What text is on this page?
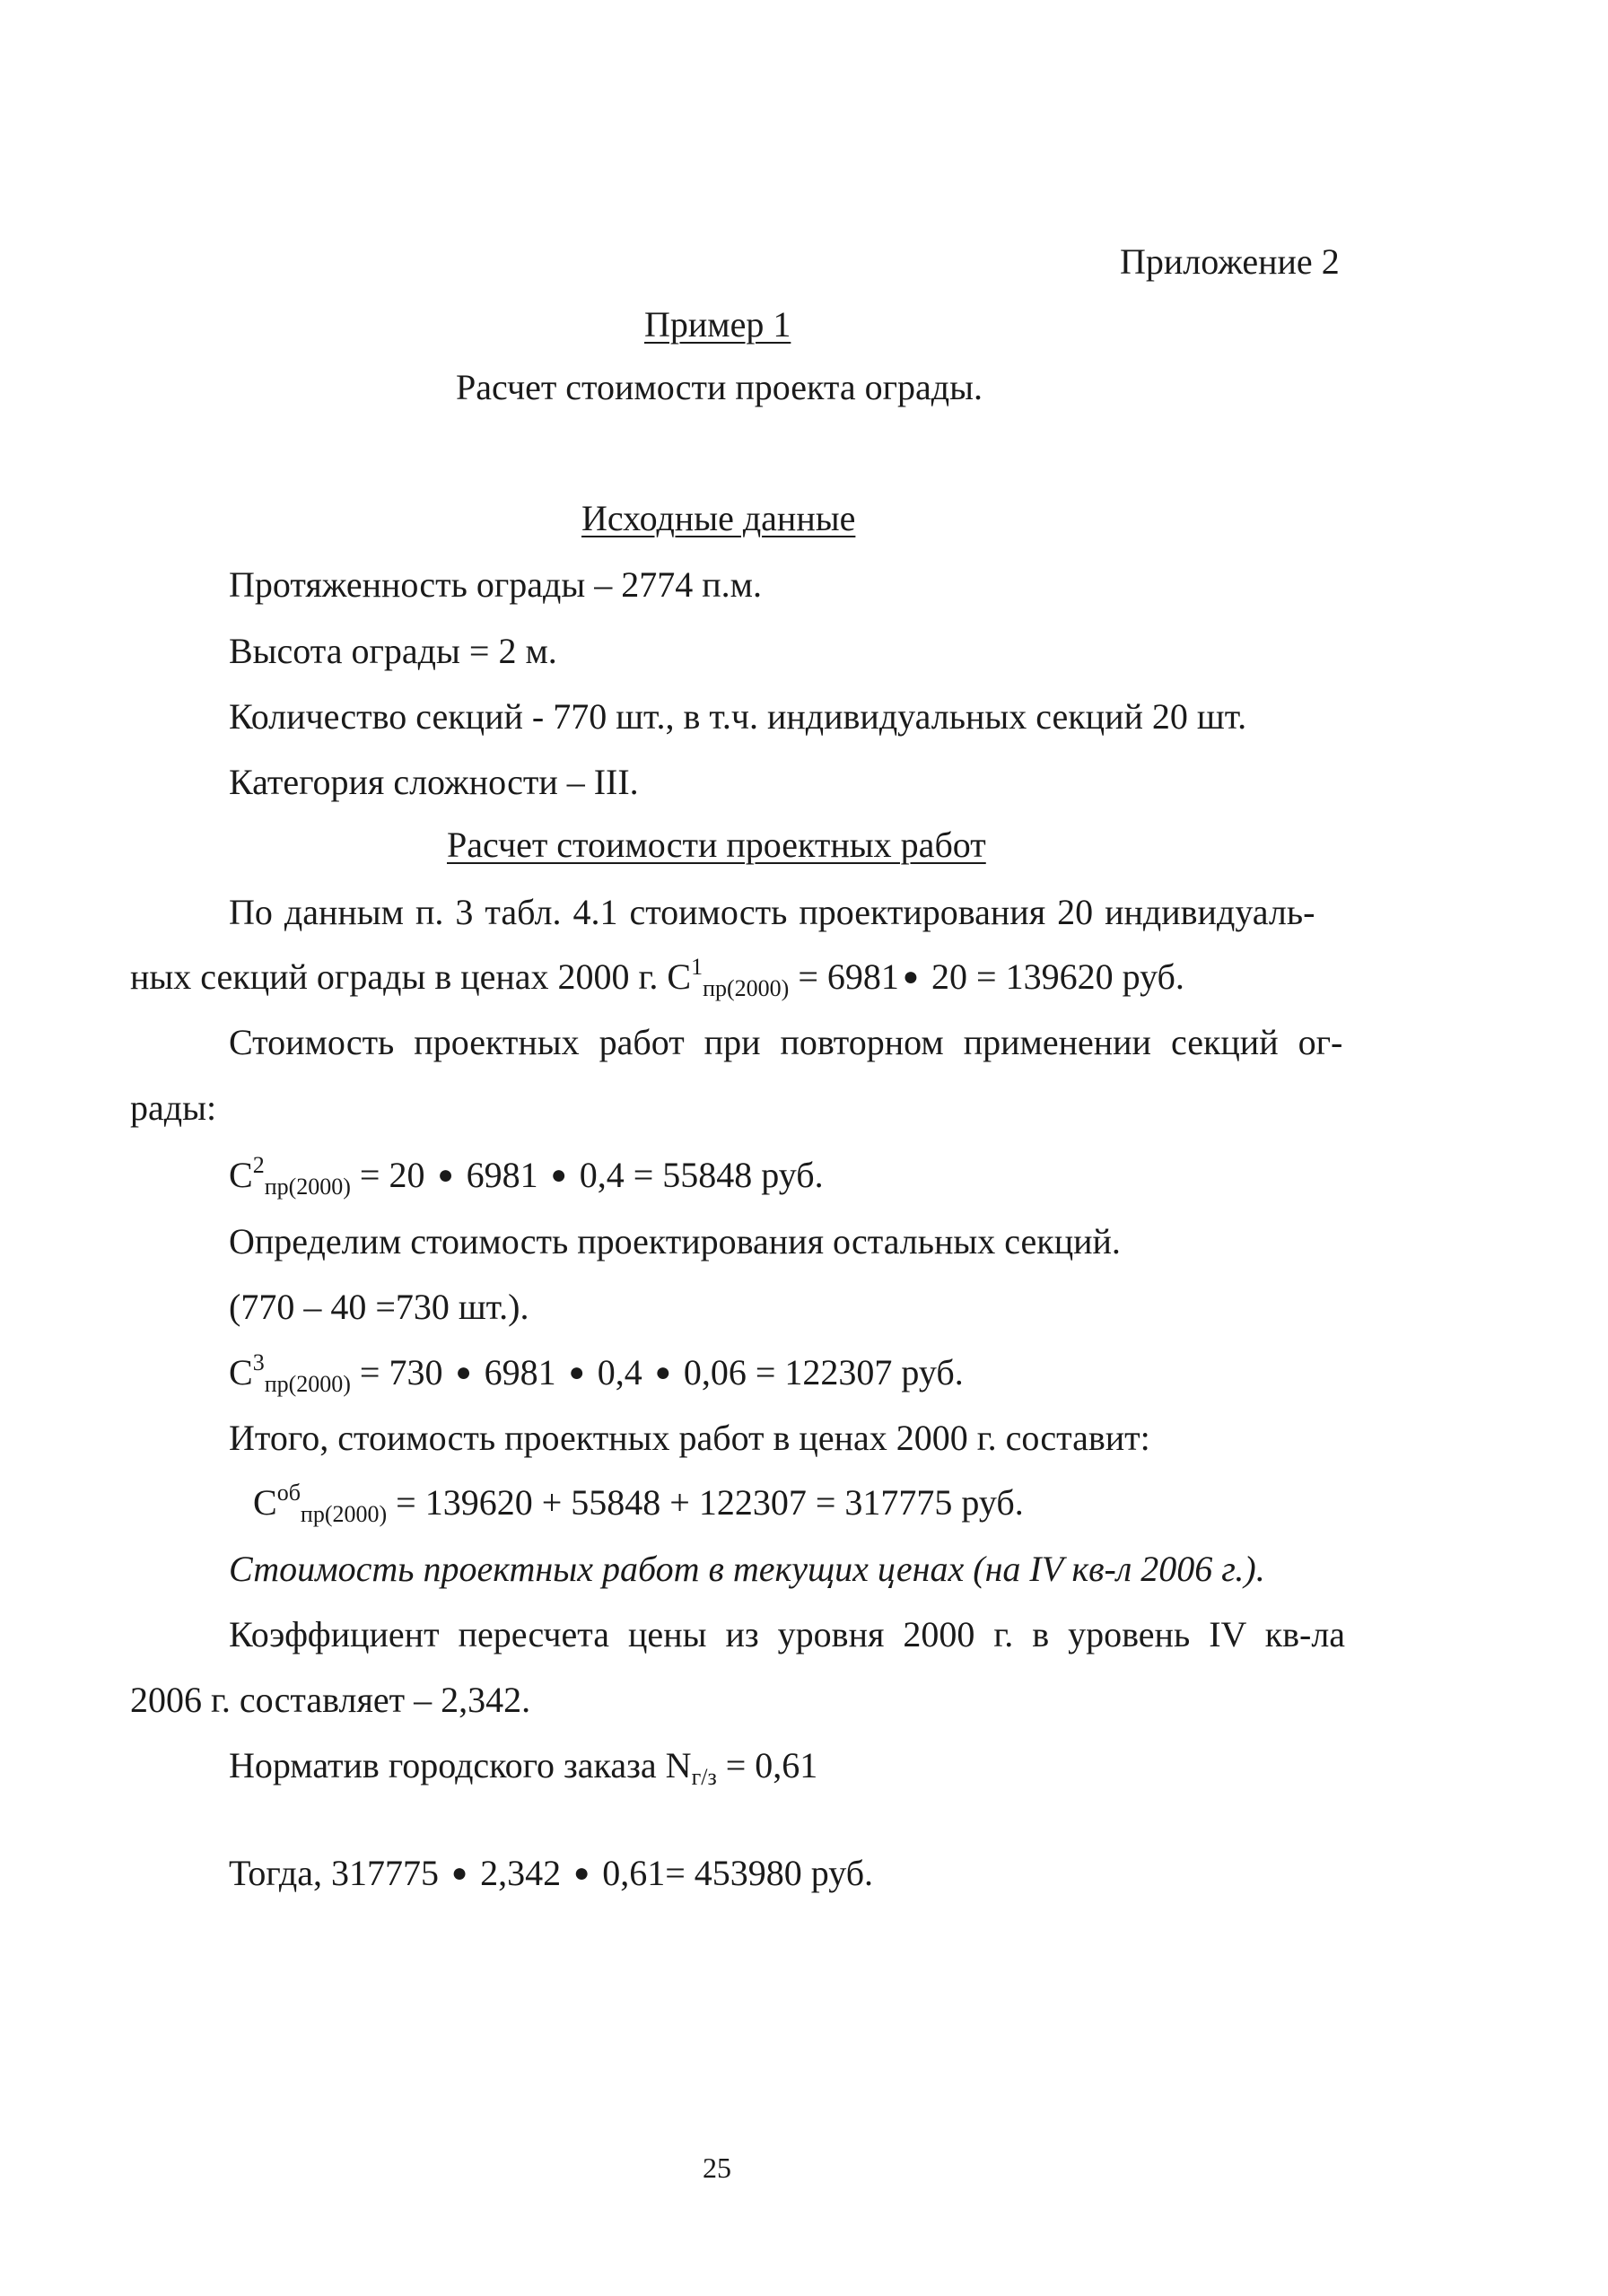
Приложение 2
Пример 1
Расчет стоимости проекта ограды.
Исходные данные
Протяженность ограды – 2774 п.м.
Высота ограды = 2 м.
Количество секций - 770 шт., в т.ч. индивидуальных секций 20 шт.
Категория сложности – III.
Расчет стоимости проектных работ
По данным п. 3 табл. 4.1 стоимость проектирования 20 индивидуаль-
ных секций ограды в ценах 2000 г. $С^1_{пр(2000)} = 6981$ ● 20 = 139620 руб.
Стоимость проектных работ при повторном применении секций ог-
рады:
$С^2_{пр(2000)} = 20$ ● 6981 ● 0,4 = 55848 руб.
Определим стоимость проектирования остальных секций.
(770 – 40 =730 шт.).
$С^3_{пр(2000)} = 730$ ● 6981 ● 0,4 ● 0,06 = 122307 руб.
Итого, стоимость проектных работ в ценах 2000 г. составит:
$С^{об}_{пр(2000)} = 139620 + 55848 + 122307 = 317775$ руб.
Стоимость проектных работ в текущих ценах (на IV кв-л 2006 г.).
Коэффициент пересчета цены из уровня 2000 г. в уровень IV кв-ла
2006 г. составляет – 2,342.
Норматив городского заказа $N_{г/з} = 0,61$
Тогда, 317775 ● 2,342 ● 0,61= 453980 руб.
25
